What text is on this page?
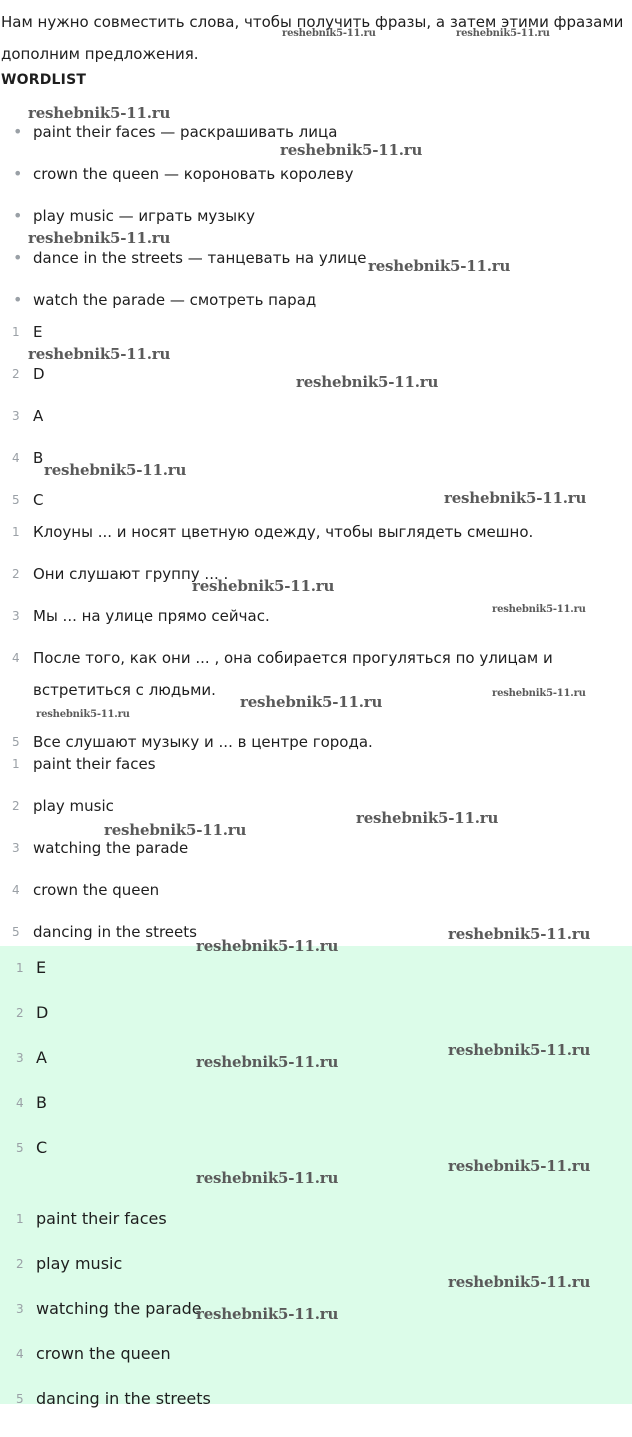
Нам нужно совместить слова, чтобы получить фразы, а затем этими фразами дополним предложения.

WORDLIST
• paint their faces — раскрашивать лица
• crown the queen — короновать королеву
• play music — играть музыку
• dance in the streets — танцевать на улице
• watch the parade — смотреть парад
1 E
2 D
3 A
4 B
5 C
1 Клоуны ... и носят цветную одежду, чтобы выглядеть смешно.
2 Они слушают группу ... .
3 Мы ... на улице прямо сейчас.
4 После того, как они ... , она собирается прогуляться по улицам и встретиться с людьми.
5 Все слушают музыку и ... в центре города.
1 paint their faces
2 play music
3 watching the parade
4 crown the queen
5 dancing in the streets
1 E
2 D
3 A
4 B
5 C
1 paint their faces
2 play music
3 watching the parade
4 crown the queen
5 dancing in the streets
reshebnik5-11.ru	reshebnik5-11.ru
reshebnik5-11.ru
reshebnik5-11.ru
reshebnik5-11.ru
reshebnik5-11.ru
reshebnik5-11.ru
reshebnik5-11.ru
reshebnik5-11.ru
reshebnik5-11.ru
reshebnik5-11.ru
reshebnik5-11.ru
reshebnik5-11.ru	reshebnik5-11.ru
reshebnik5-11.ru
reshebnik5-11.ru
reshebnik5-11.ru
reshebnik5-11.ru
reshebnik5-11.ru
reshebnik5-11.ru
reshebnik5-11.ru
reshebnik5-11.ru
reshebnik5-11.ru
reshebnik5-11.ru
reshebnik5-11.ru
